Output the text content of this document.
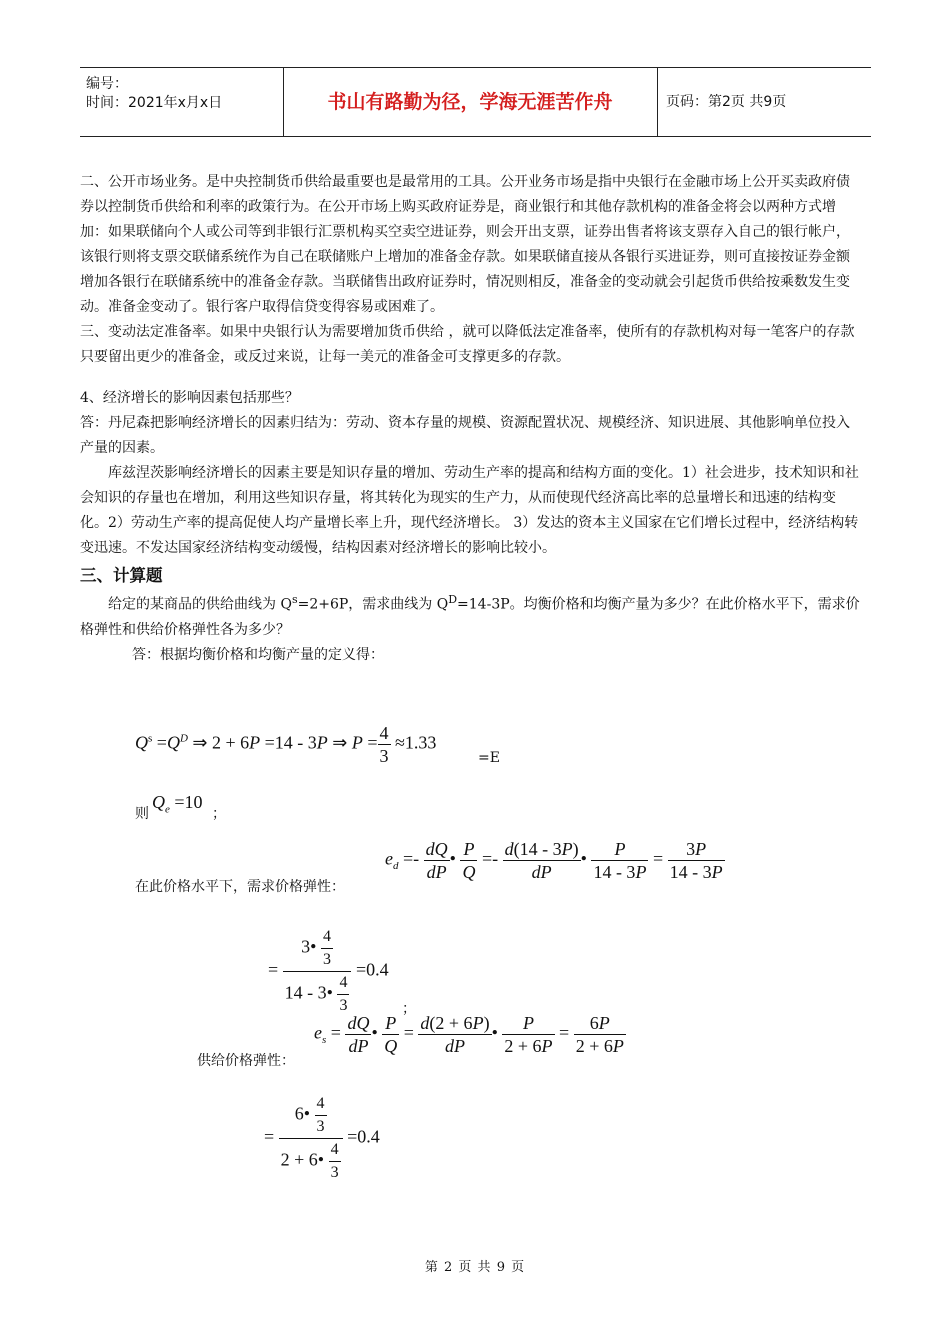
编号：
时间：2021年x月x日	书山有路勤为径，学海无涯苦作舟	页码：第2页 共9页

二、公开市场业务。是中央控制货币供给最重要也是最常用的工具。公开业务市场是指中央银行在金融市场上公开买卖政府债券以控制货币供给和利率的政策行为。在公开市场上购买政府证券是，商业银行和其他存款机构的准备金将会以两种方式增加：如果联储向个人或公司等到非银行汇票机构买空卖空进证券，则会开出支票，证券出售者将该支票存入自己的银行帐户，该银行则将支票交联储系统作为自己在联储账户上增加的准备金存款。如果联储直接从各银行买进证券，则可直接按证券金额增加各银行在联储系统中的准备金存款。当联储售出政府证券时，情况则相反，准备金的变动就会引起货币供给按乘数发生变动。准备金变动了。银行客户取得信贷变得容易或困难了。

三、变动法定准备率。如果中央银行认为需要增加货币供给 ，就可以降低法定准备率，使所有的存款机构对每一笔客户的存款只要留出更少的准备金，或反过来说，让每一美元的准备金可支撑更多的存款。

4、经济增长的影响因素包括那些？

答：丹尼森把影响经济增长的因素归结为：劳动、资本存量的规模、资源配置状况、规模经济、知识进展、其他影响单位投入产量的因素。

库兹涅茨影响经济增长的因素主要是知识存量的增加、劳动生产率的提高和结构方面的变化。1）社会进步，技术知识和社会知识的存量也在增加，利用这些知识存量，将其转化为现实的生产力，从而使现代经济高比率的总量增长和迅速的结构变化。2）劳动生产率的提高促使人均产量增长率上升，现代经济增长。 3）发达的资本主义国家在它们增长过程中，经济结构转变迅速。不发达国家经济结构变动缓慢，结构因素对经济增长的影响比较小。

三、计算题

给定的某商品的供给曲线为 $Q^s=2+6P$，需求曲线为 $Q^D=14-3P$。均衡价格和均衡产量为多少？在此价格水平下，需求价格弹性和供给价格弹性各为多少？

答：根据均衡价格和均衡产量的定义得：

$Q^s =Q^D$ ⇒ 2 + 6P =14 - 3P ⇒ $P = \frac{4}{3} \approx 1.33$
=E
则
$Q_e =10$
；
在此价格水平下，需求价格弹性：
$e_d =- \frac{dQ}{dP}$ • $\frac{P}{Q} =- \frac{d(14 - 3P)}{dP}$ • $\frac{P}{14 - 3P} = \frac{3P}{14 - 3P}$
= $\frac{3• \frac{4}{3}}{14 - 3• \frac{4}{3}} =0.4$
；
供给价格弹性：
$e_s = \frac{dQ}{dP}$ • $\frac{P}{Q} = \frac{d(2 + 6P)}{dP}$ • $\frac{P}{2 + 6P} = \frac{6P}{2 + 6P}$
= $\frac{6• \frac{4}{3}}{2 + 6• \frac{4}{3}} =0.4$
第 2 页 共 9 页
